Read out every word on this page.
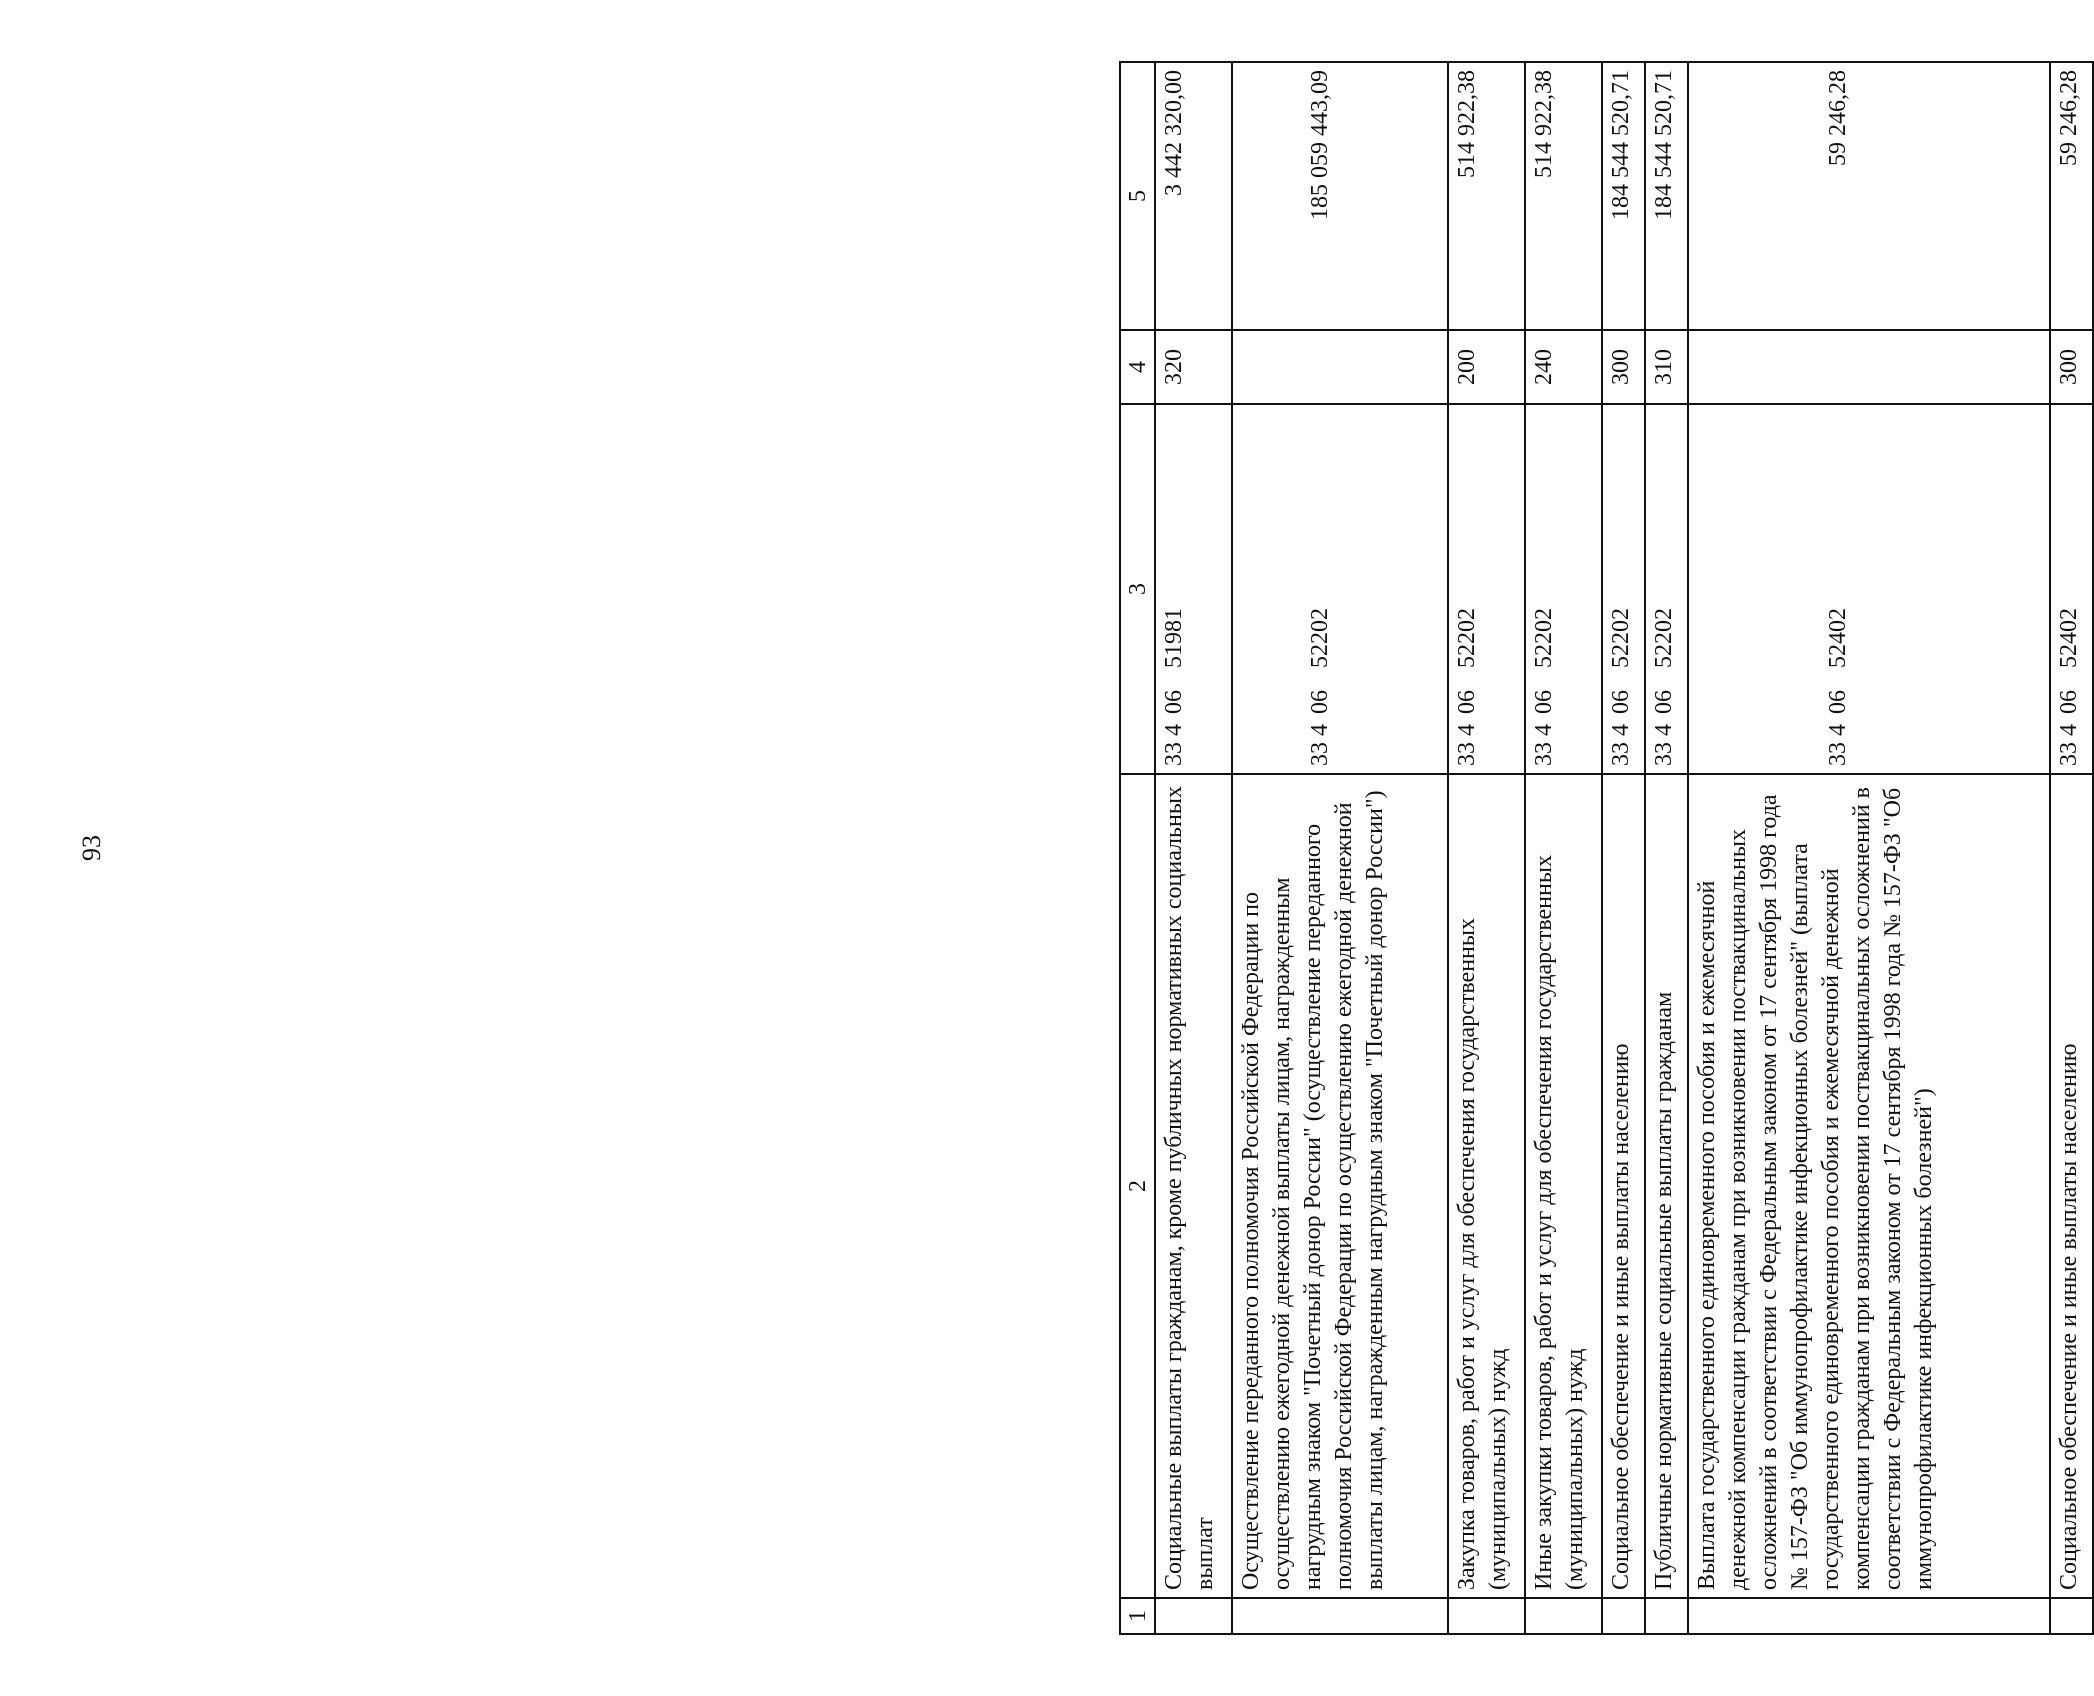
93
1	2	3	4	5
	Социальные выплаты гражданам, кроме публичных нормативных социальных выплат	3340651981	320	3 442 320,00
	Осуществление переданного полномочия Российской Федерации по осуществлению ежегодной денежной выплаты лицам, награжденным нагрудным знаком "Почетный донор России" (осуществление переданного полномочия Российской Федерации по осуществлению ежегодной денежной выплаты лицам, награжденным нагрудным знаком "Почетный донор России")	3340652202		185 059 443,09
	Закупка товаров, работ и услуг для обеспечения государственных (муниципальных) нужд	3340652202	200	514 922,38
	Иные закупки товаров, работ и услуг для обеспечения государственных (муниципальных) нужд	3340652202	240	514 922,38
	Социальное обеспечение и иные выплаты населению	3340652202	300	184 544 520,71
	Публичные нормативные социальные выплаты гражданам	3340652202	310	184 544 520,71
	Выплата государственного единовременного пособия и ежемесячной денежной компенсации гражданам при возникновении поствакцинальных осложнений в соответствии с Федеральным законом от 17 сентября 1998 года № 157-ФЗ "Об иммунопрофилактике инфекционных болезней" (выплата государственного единовременного пособия и ежемесячной денежной компенсации гражданам при возникновении поствакцинальных осложнений в соответствии с Федеральным законом от 17 сентября 1998 года № 157-ФЗ "Об иммунопрофилактике инфекционных болезней")	3340652402		59 246,28
	Социальное обеспечение и иные выплаты населению	3340652402	300	59 246,28
